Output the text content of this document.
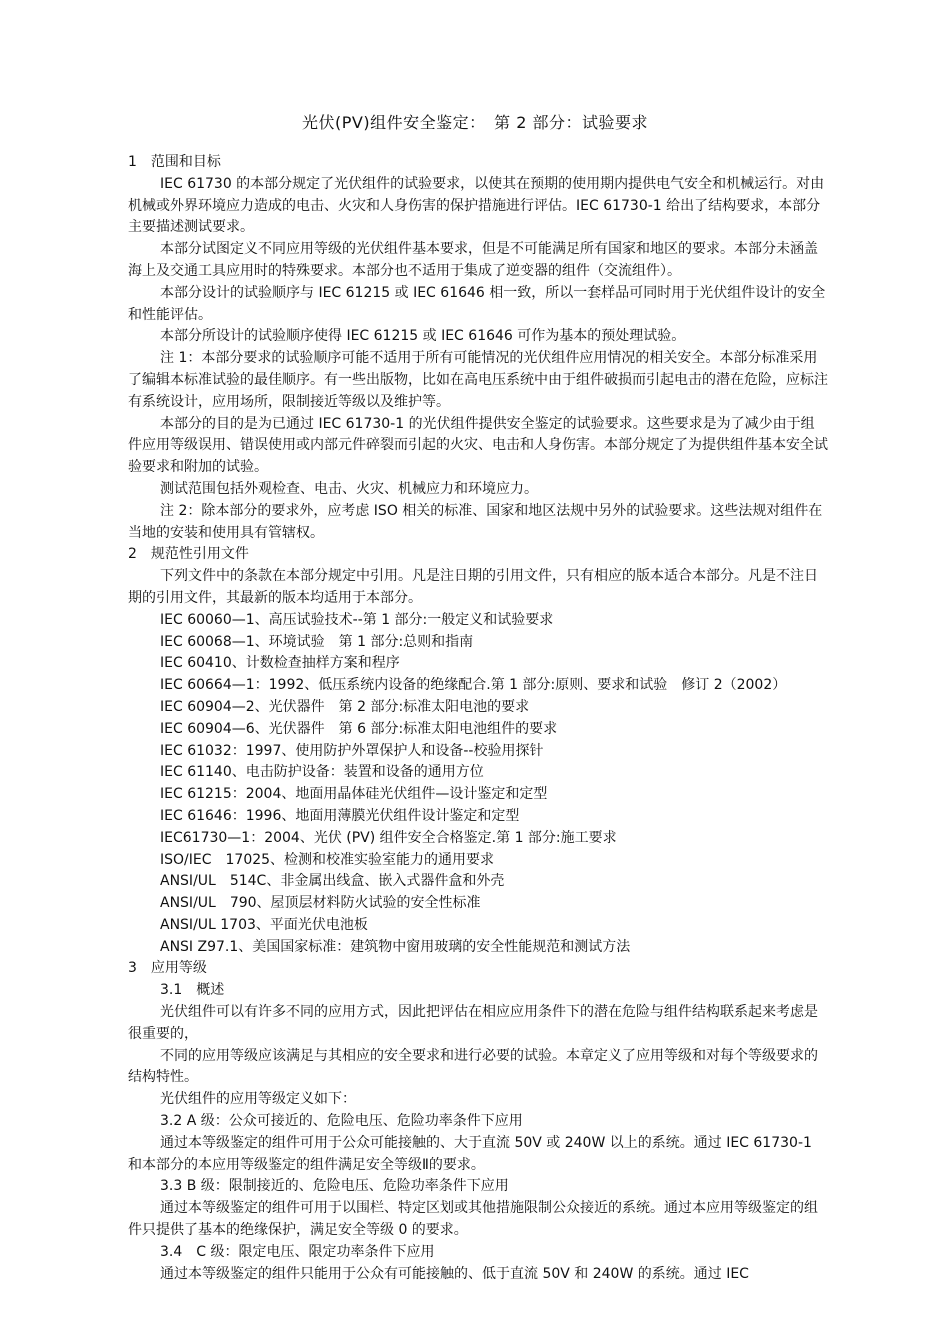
光伏(PV)组件安全鉴定：　第 2 部分：试验要求

1　范围和目标

IEC 61730 的本部分规定了光伏组件的试验要求，以使其在预期的使用期内提供电气安全和机械运行。对由机械或外界环境应力造成的电击、火灾和人身伤害的保护措施进行评估。IEC 61730-1 给出了结构要求，本部分主要描述测试要求。

本部分试图定义不同应用等级的光伏组件基本要求，但是不可能满足所有国家和地区的要求。本部分未涵盖海上及交通工具应用时的特殊要求。本部分也不适用于集成了逆变器的组件（交流组件）。

本部分设计的试验顺序与 IEC 61215 或 IEC 61646 相一致，所以一套样品可同时用于光伏组件设计的安全和性能评估。

本部分所设计的试验顺序使得 IEC 61215 或 IEC 61646 可作为基本的预处理试验。

注 1：本部分要求的试验顺序可能不适用于所有可能情况的光伏组件应用情况的相关安全。本部分标准采用了编辑本标准试验的最佳顺序。有一些出版物，比如在高电压系统中由于组件破损而引起电击的潜在危险，应标注有系统设计，应用场所，限制接近等级以及维护等。

本部分的目的是为已通过 IEC 61730-1 的光伏组件提供安全鉴定的试验要求。这些要求是为了减少由于组件应用等级误用、错误使用或内部元件碎裂而引起的火灾、电击和人身伤害。本部分规定了为提供组件基本安全试验要求和附加的试验。

测试范围包括外观检查、电击、火灾、机械应力和环境应力。

注 2：除本部分的要求外，应考虑 ISO 相关的标准、国家和地区法规中另外的试验要求。这些法规对组件在当地的安装和使用具有管辖权。

2　规范性引用文件

下列文件中的条款在本部分规定中引用。凡是注日期的引用文件，只有相应的版本适合本部分。凡是不注日期的引用文件，其最新的版本均适用于本部分。

IEC 60060—1、高压试验技术--第 1 部分:一般定义和试验要求

IEC 60068—1、环境试验　第 1 部分:总则和指南

IEC 60410、计数检查抽样方案和程序

IEC 60664—1：1992、低压系统内设备的绝缘配合.第 1 部分:原则、要求和试验　修订 2（2002）

IEC 60904—2、光伏器件　第 2 部分:标准太阳电池的要求

IEC 60904—6、光伏器件　第 6 部分:标准太阳电池组件的要求

IEC 61032：1997、使用防护外罩保护人和设备--校验用探针

IEC 61140、电击防护设备：装置和设备的通用方位

IEC 61215：2004、地面用晶体硅光伏组件—设计鉴定和定型

IEC 61646：1996、地面用薄膜光伏组件设计鉴定和定型

IEC61730—1：2004、光伏 (PV) 组件安全合格鉴定.第 1 部分:施工要求

ISO/IEC　17025、检测和校准实验室能力的通用要求

ANSI/UL　514C、非金属出线盒、嵌入式器件盒和外壳

ANSI/UL　790、屋顶层材料防火试验的安全性标准

ANSI/UL 1703、平面光伏电池板

ANSI Z97.1、美国国家标准：建筑物中窗用玻璃的安全性能规范和测试方法

3　应用等级

3.1　概述

光伏组件可以有许多不同的应用方式，因此把评估在相应应用条件下的潜在危险与组件结构联系起来考虑是很重要的，

不同的应用等级应该满足与其相应的安全要求和进行必要的试验。本章定义了应用等级和对每个等级要求的结构特性。

光伏组件的应用等级定义如下：

3.2 A 级：公众可接近的、危险电压、危险功率条件下应用

通过本等级鉴定的组件可用于公众可能接触的、大于直流 50V 或 240W 以上的系统。通过 IEC 61730-1 和本部分的本应用等级鉴定的组件满足安全等级Ⅱ的要求。

3.3 B 级：限制接近的、危险电压、危险功率条件下应用

通过本等级鉴定的组件可用于以围栏、特定区划或其他措施限制公众接近的系统。通过本应用等级鉴定的组件只提供了基本的绝缘保护，满足安全等级 0 的要求。

3.4　C 级：限定电压、限定功率条件下应用

通过本等级鉴定的组件只能用于公众有可能接触的、低于直流 50V 和 240W 的系统。通过 IEC
